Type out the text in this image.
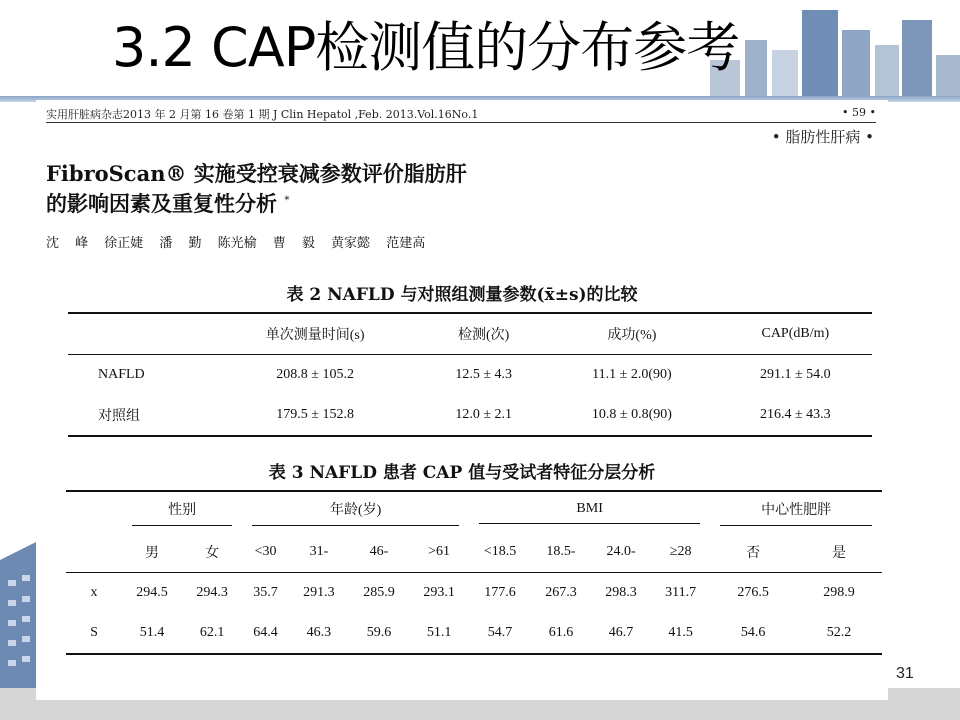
3.2 CAP检测值的分布参考
实用肝脏病杂志2013 年 2 月第 16 卷第 1 期 J Clin Hepatol ,Feb. 2013.Vol.16No.1	• 59 •
• 脂肪性肝病 •
FibroScan® 实施受控衰减参数评价脂肪肝
的影响因素及重复性分析 *
沈 峰 徐正婕 潘 勤 陈光榆 曹 毅 黄家懿 范建高
表 2 NAFLD 与对照组测量参数(x̄±s)的比较
	单次测量时间(s)	检测(次)	成功(%)	CAP(dB/m)
NAFLD	208.8 ± 105.2	12.5 ± 4.3	11.1 ± 2.0(90)	291.1 ± 54.0
对照组	179.5 ± 152.8	12.0 ± 2.1	10.8 ± 0.8(90)	216.4 ± 43.3
表 3 NAFLD 患者 CAP 值与受试者特征分层分析

	性别		年龄(岁)				BMI				中心性肥胖	

	男	女	<30	31-	46-	>61	<18.5	18.5-	24.0-	≥28	否	是
x	294.5	294.3	35.7	291.3	285.9	293.1	177.6	267.3	298.3	311.7	276.5	298.9
S	51.4	62.1	64.4	46.3	59.6	51.1	54.7	61.6	46.7	41.5	54.6	52.2
31
